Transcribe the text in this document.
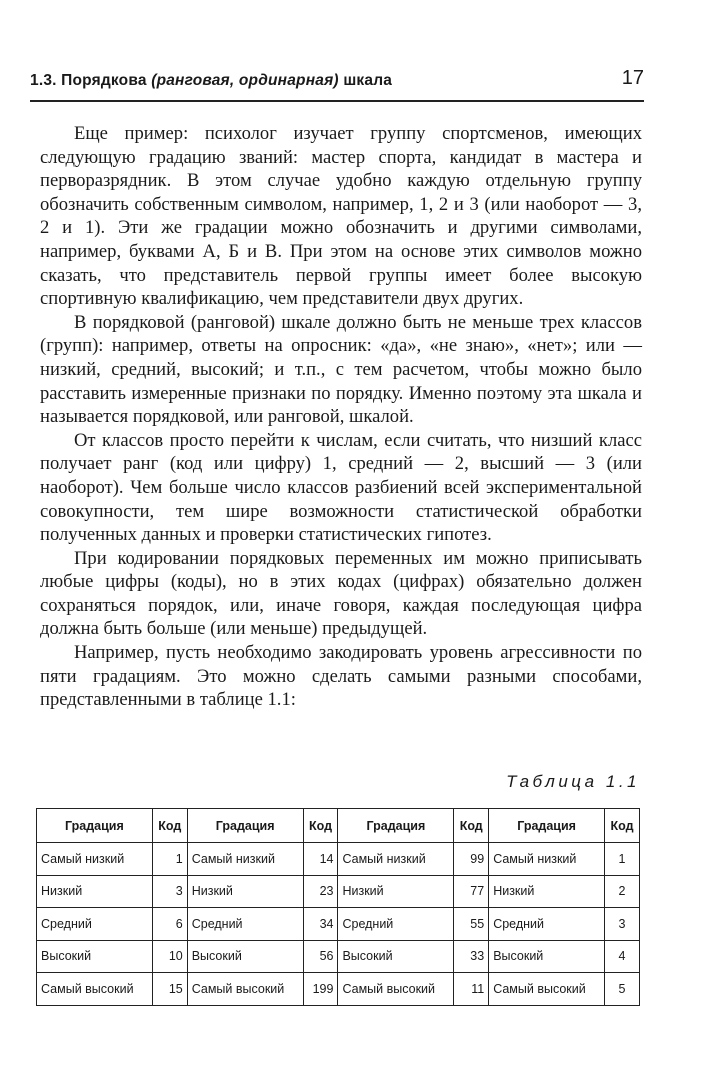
1.3. Порядкова (ранговая, ординарная) шкала	17

Еще пример: психолог изучает группу спортсменов, имеющих следующую градацию званий: мастер спорта, кандидат в мастера и перворазрядник. В этом случае удобно каждую отдельную группу обозначить собственным символом, например, 1, 2 и 3 (или наоборот — 3, 2 и 1). Эти же градации можно обозначить и другими символами, например, буквами А, Б и В. При этом на основе этих символов можно сказать, что представитель первой группы имеет более высокую спортивную квалификацию, чем представители двух других.

В порядковой (ранговой) шкале должно быть не меньше трех классов (групп): например, ответы на опросник: «да», «не знаю», «нет»; или — низкий, средний, высокий; и т.п., с тем расчетом, чтобы можно было расставить измеренные признаки по порядку. Именно поэтому эта шкала и называется порядковой, или ранговой, шкалой.

От классов просто перейти к числам, если считать, что низший класс получает ранг (код или цифру) 1, средний — 2, высший — 3 (или наоборот). Чем больше число классов разбиений всей экспериментальной совокупности, тем шире возможности статистической обработки полученных данных и проверки статистических гипотез.

При кодировании порядковых переменных им можно приписывать любые цифры (коды), но в этих кодах (цифрах) обязательно должен сохраняться порядок, или, иначе говоря, каждая последующая цифра должна быть больше (или меньше) предыдущей.

Например, пусть необходимо закодировать уровень агрессивности по пяти градациям. Это можно сделать самыми разными способами, представленными в таблице 1.1:

Таблица 1.1
Градация	Код	Градация	Код	Градация	Код	Градация	Код
Самый низкий	1	Самый низкий	14	Самый низкий	99	Самый низкий	1
Низкий	3	Низкий	23	Низкий	77	Низкий	2
Средний	6	Средний	34	Средний	55	Средний	3
Высокий	10	Высокий	56	Высокий	33	Высокий	4
Самый высокий	15	Самый высокий	199	Самый высокий	11	Самый высокий	5
